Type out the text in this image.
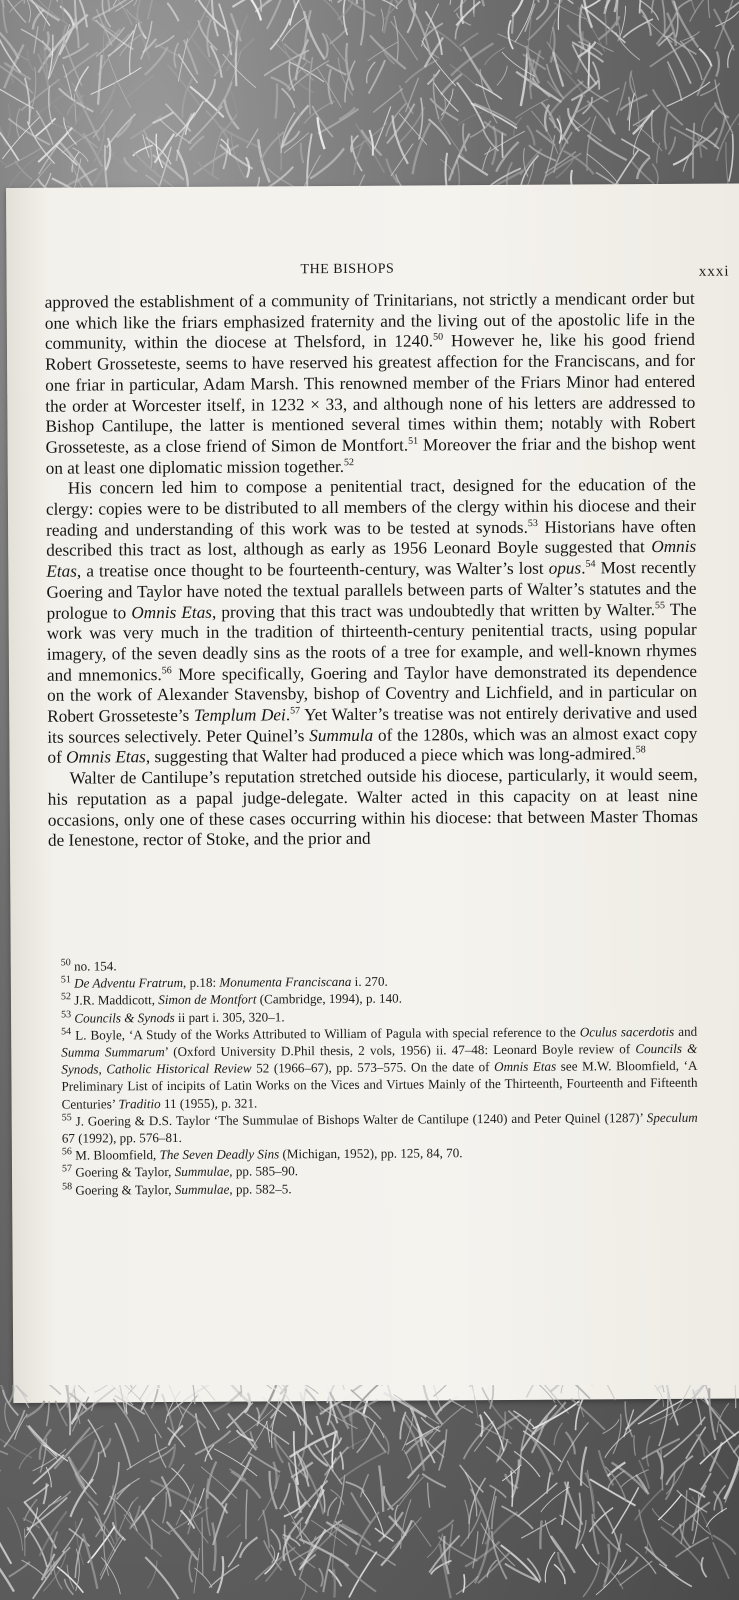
THE BISHOPS	xxxi

approved the establishment of a community of Trinitarians, not strictly a mendicant order but one which like the friars emphasized fraternity and the living out of the apostolic life in the community, within the diocese at Thelsford, in 1240.50 However he, like his good friend Robert Grosseteste, seems to have reserved his greatest affection for the Franciscans, and for one friar in particular, Adam Marsh. This renowned member of the Friars Minor had entered the order at Worcester itself, in 1232 × 33, and although none of his letters are addressed to Bishop Cantilupe, the latter is mentioned several times within them; notably with Robert Grosseteste, as a close friend of Simon de Montfort.$^{51}$ Moreover the friar and the bishop went on at least one diplomatic mission together.$^{52}$

His concern led him to compose a penitential tract, designed for the education of the clergy: copies were to be distributed to all members of the clergy within his diocese and their reading and understanding of this work was to be tested at synods.$^{53}$ Historians have often described this tract as lost, although as early as 1956 Leonard Boyle suggested that Omnis Etas, a treatise once thought to be fourteenth-century, was Walter’s lost opus.$^{54}$ Most recently Goering and Taylor have noted the textual parallels between parts of Walter’s statutes and the prologue to Omnis Etas, proving that this tract was undoubtedly that written by Walter.$^{55}$ The work was very much in the tradition of thirteenth-century penitential tracts, using popular imagery, of the seven deadly sins as the roots of a tree for example, and well-known rhymes and mnemonics.$^{56}$ More specifically, Goering and Taylor have demonstrated its dependence on the work of Alexander Stavensby, bishop of Coventry and Lichfield, and in particular on Robert Grosseteste’s Templum Dei.$^{57}$ Yet Walter’s treatise was not entirely derivative and used its sources selectively. Peter Quinel’s Summula of the 1280s, which was an almost exact copy of Omnis Etas, suggesting that Walter had produced a piece which was long-admired.$^{58}$

Walter de Cantilupe’s reputation stretched outside his diocese, particularly, it would seem, his reputation as a papal judge-delegate. Walter acted in this capacity on at least nine occasions, only one of these cases occurring within his diocese: that between Master Thomas de Ienestone, rector of Stoke, and the prior and

$^{50}$ no. 154.
$^{51}$ De Adventu Fratrum, p.18: Monumenta Franciscana i. 270.
$^{52}$ J.R. Maddicott, Simon de Montfort (Cambridge, 1994), p. 140.
$^{53}$ Councils & Synods ii part i. 305, 320–1.
$^{54}$ L. Boyle, ‘A Study of the Works Attributed to William of Pagula with special reference to the Oculus sacerdotis and Summa Summarum’ (Oxford University D.Phil thesis, 2 vols, 1956) ii. 47–48: Leonard Boyle review of Councils & Synods, Catholic Historical Review 52 (1966–67), pp. 573–575. On the date of Omnis Etas see M.W. Bloomfield, ‘A Preliminary List of incipits of Latin Works on the Vices and Virtues Mainly of the Thirteenth, Fourteenth and Fifteenth Centuries’ Traditio 11 (1955), p. 321.
$^{55}$ J. Goering & D.S. Taylor ‘The Summulae of Bishops Walter de Cantilupe (1240) and Peter Quinel (1287)’ Speculum 67 (1992), pp. 576–81.
$^{56}$ M. Bloomfield, The Seven Deadly Sins (Michigan, 1952), pp. 125, 84, 70.
$^{57}$ Goering & Taylor, Summulae, pp. 585–90.
$^{58}$ Goering & Taylor, Summulae, pp. 582–5.
